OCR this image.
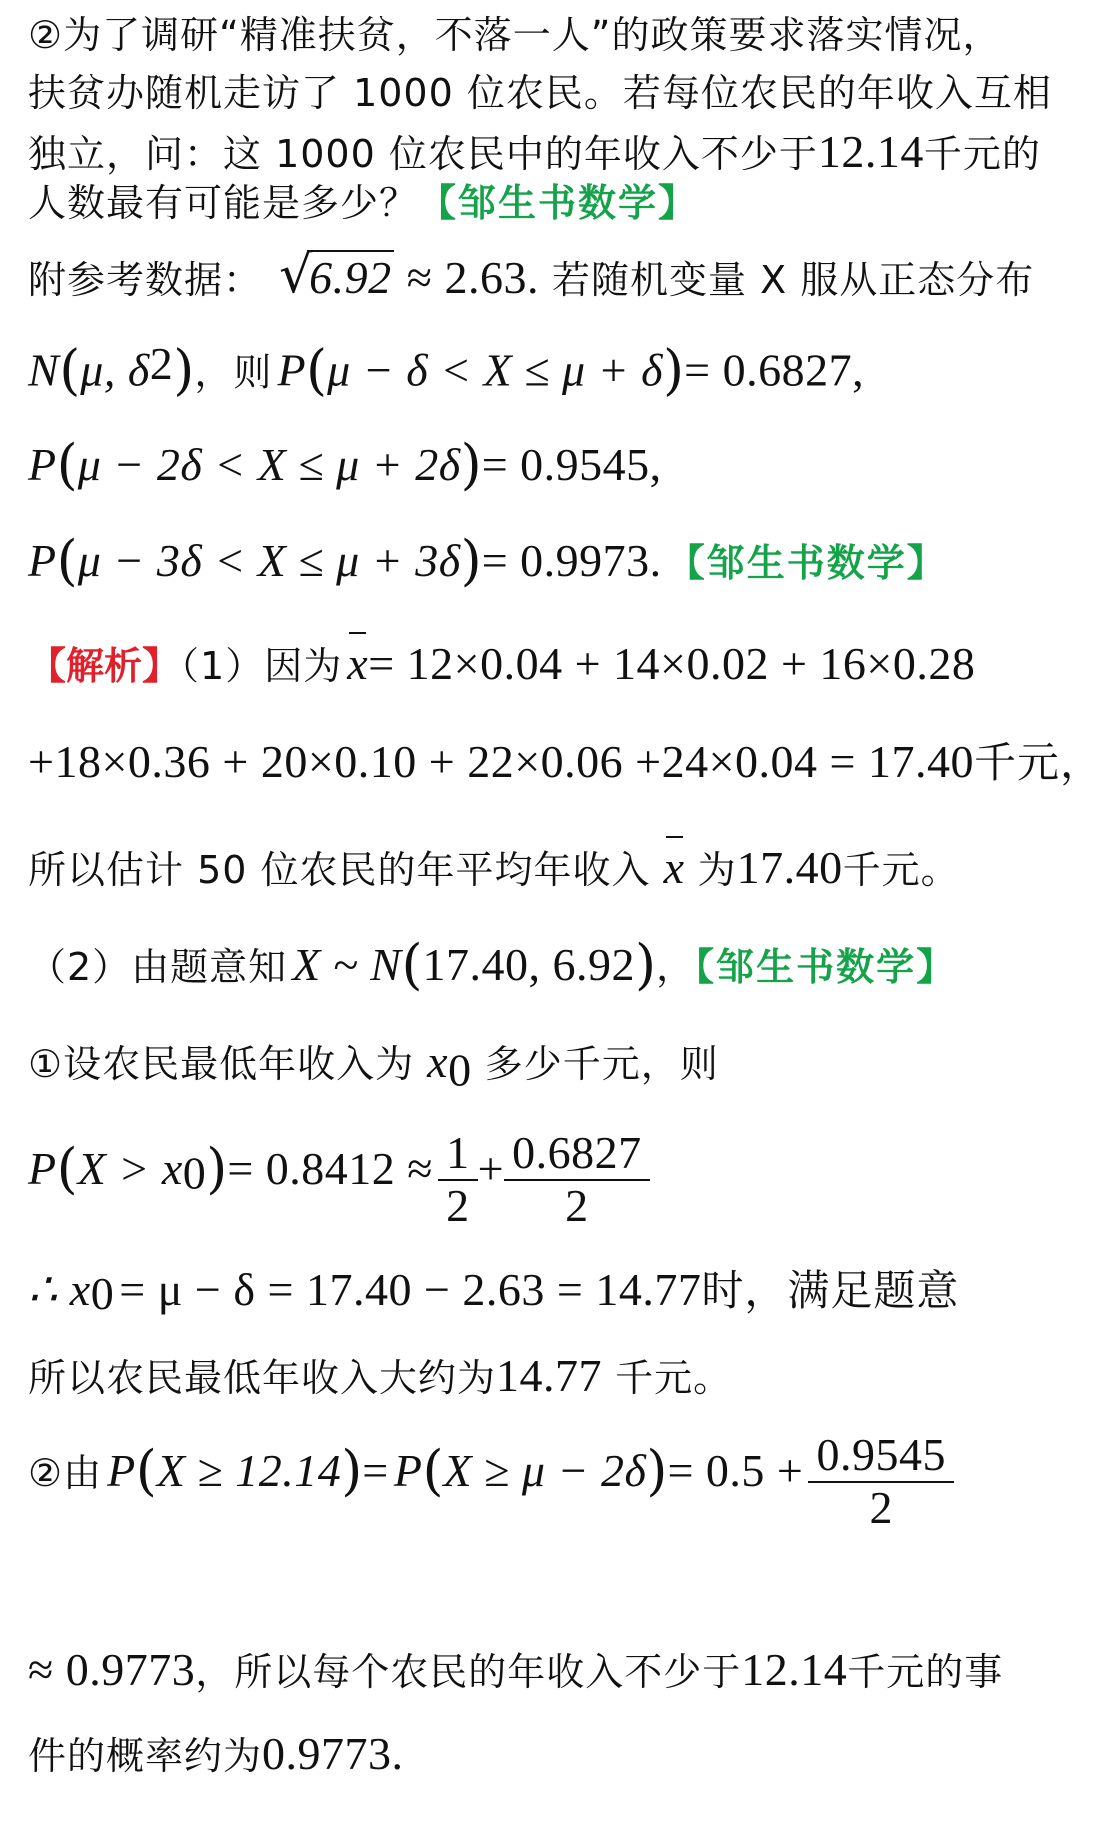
②为了调研“精准扶贫，不落一人”的政策要求落实情况，
扶贫办随机走访了 1000 位农民。若每位农民的年收入互相
独立，问：这 1000 位农民中的年收入不少于12.14千元的
人数最有可能是多少？【邹生书数学】
附参考数据： √
6.92 ≈ 2.63. 若随机变量 X 服从正态分布
N(μ, $\delta^2$)，则 P(μ − δ < X ≤ μ + δ)= 0.6827,
P(μ − 2δ < X ≤ μ + 2δ)= 0.9545,
P(μ − 3δ < X ≤ μ + 3δ)= 0.9973. 【邹生书数学】
【解析】（1）因为 x= 12×0.04 + 14×0.02 + 16×0.28
+18×0.36 + 20×0.10 + 22×0.06 +24×0.04 = 17.40千元，
所以估计 50 位农民的年平均年收入 x 为17.40千元。
（2）由题意知 X ~ N(17.40, 6.92)，【邹生书数学】
①设农民最低年收入为 $x_0$ 多少千元，则
$P(X > x_0)= 0.8412 \approx \frac{1}{2} + \frac{0.6827}{2}$
∴ $x_0 = \mu - \delta = 17.40 - 2.63 = 14.77$时，满足题意
所以农民最低年收入大约为14.77 千元。
②由 $P(X \ge 12.14)= P(X \ge \mu - 2\delta)= 0.5 + \frac{0.9545}{2}$
≈ 0.9773，所以每个农民的年收入不少于12.14千元的事
件的概率约为0.9773.
